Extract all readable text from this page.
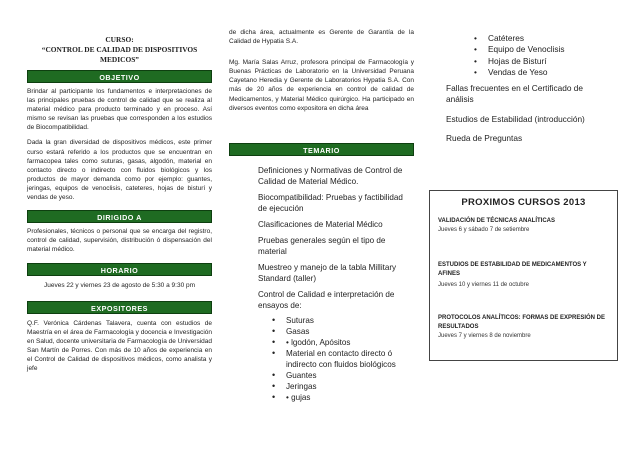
CURSO:
“CONTROL DE CALIDAD DE DISPOSITIVOS
MEDICOS”
OBJETIVO

Brindar al participante los fundamentos e interpretaciones de las principales pruebas de control de calidad que se realiza al material médico para producto terminado y en proceso. Así mismo se revisan las pruebas que corresponden a los estudios de Biocompatibilidad.

Dada la gran diversidad de dispositivos médicos, este primer curso estará referido a los productos que se encuentran en farmacopea tales como suturas, gasas, algodón, material en contacto directo o indirecto con fluidos biológicos y los productos de mayor demanda como por ejemplo: guantes, jeringas, equipos de venoclisis, cateteres, hojas de bisturí y vendas de yeso.

DIRIGIDO A

Profesionales, técnicos o personal que se encarga del registro, control de calidad, supervisión, distribución ó dispensación del material médico.

HORARIO

Jueves 22 y viernes 23 de agosto de 5:30 a 9:30 pm

EXPOSITORES

Q.F. Verónica Cárdenas Talavera, cuenta con estudios de Maestría en el área de Farmacología y docencia e Investigación en Salud, docente universitaria de Farmacología de Universidad San Martín de Porres. Con más de 10 años de experiencia en el Control de Calidad de dispositivos médicos, como analista y jefe

de dicha área, actualmente es Gerente de Garantía de la Calidad de Hypatia S.A.

Mg. María Salas Arruz, profesora principal de Farmacología y Buenas Prácticas de Laboratorio en la Universidad Peruana Cayetano Heredia y Gerente de Laboratorios Hypatia S.A. Con más de 20 años de experiencia en control de calidad de Medicamentos, y Material Médico quirúrgico. Ha participado en diversos eventos como expositora en dicha área

TEMARIO

Definiciones y Normativas de Control de Calidad de Material Médico.

Biocompatibilidad: Pruebas y factibilidad de ejecución

Clasificaciones de Material Médico

Pruebas generales según el tipo de material

Muestreo y manejo de la tabla Millitary Standard (taller)

Control de Calidad e interpretación de ensayos de:

• Suturas
• Gasas
• • lgodón, Apósitos
• Material en contacto directo ó indirecto con fluidos biológicos
• Guantes
• Jeringas
• • gujas
• Catéteres
• Equipo de Venoclisis
• Hojas de Bisturí
• Vendas de Yeso

Fallas frecuentes en el Certificado de análisis

Estudios de Estabilidad (introducción)

Rueda de Preguntas

PROXIMOS CURSOS 2013
VALIDACIÓN DE TÉCNICAS ANALÍTICAS
Jueves 6 y sábado 7 de setiembre
ESTUDIOS DE ESTABILIDAD DE MEDICAMENTOS Y AFINES
Jueves 10 y viernes 11 de octubre
PROTOCOLOS ANALÍTICOS: FORMAS DE EXPRESIÓN DE RESULTADOS
Jueves 7 y viernes 8 de noviembre
